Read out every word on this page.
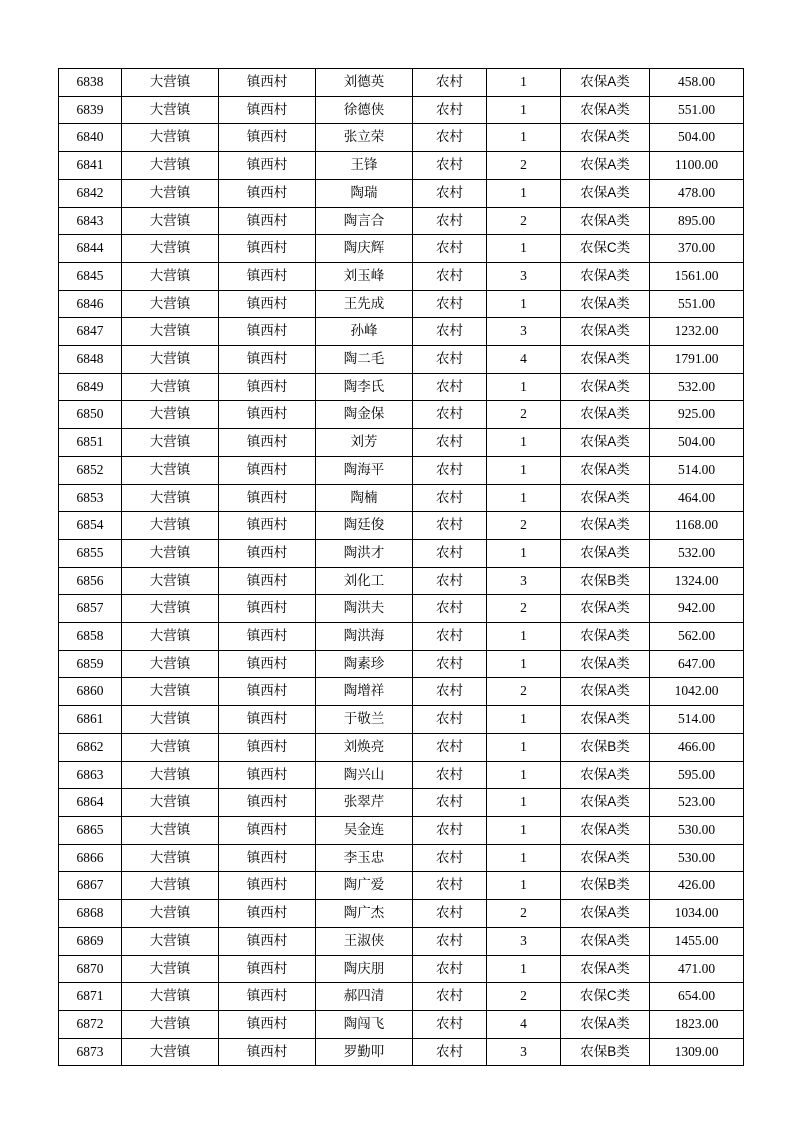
6838	大营镇	镇西村	刘德英	农村	1	农保A类	458.00
6839	大营镇	镇西村	徐德侠	农村	1	农保A类	551.00
6840	大营镇	镇西村	张立荣	农村	1	农保A类	504.00
6841	大营镇	镇西村	王锋	农村	2	农保A类	1100.00
6842	大营镇	镇西村	陶瑞	农村	1	农保A类	478.00
6843	大营镇	镇西村	陶言合	农村	2	农保A类	895.00
6844	大营镇	镇西村	陶庆辉	农村	1	农保C类	370.00
6845	大营镇	镇西村	刘玉峰	农村	3	农保A类	1561.00
6846	大营镇	镇西村	王先成	农村	1	农保A类	551.00
6847	大营镇	镇西村	孙峰	农村	3	农保A类	1232.00
6848	大营镇	镇西村	陶二毛	农村	4	农保A类	1791.00
6849	大营镇	镇西村	陶李氏	农村	1	农保A类	532.00
6850	大营镇	镇西村	陶金保	农村	2	农保A类	925.00
6851	大营镇	镇西村	刘芳	农村	1	农保A类	504.00
6852	大营镇	镇西村	陶海平	农村	1	农保A类	514.00
6853	大营镇	镇西村	陶楠	农村	1	农保A类	464.00
6854	大营镇	镇西村	陶廷俊	农村	2	农保A类	1168.00
6855	大营镇	镇西村	陶洪才	农村	1	农保A类	532.00
6856	大营镇	镇西村	刘化工	农村	3	农保B类	1324.00
6857	大营镇	镇西村	陶洪夫	农村	2	农保A类	942.00
6858	大营镇	镇西村	陶洪海	农村	1	农保A类	562.00
6859	大营镇	镇西村	陶素珍	农村	1	农保A类	647.00
6860	大营镇	镇西村	陶增祥	农村	2	农保A类	1042.00
6861	大营镇	镇西村	于敬兰	农村	1	农保A类	514.00
6862	大营镇	镇西村	刘焕亮	农村	1	农保B类	466.00
6863	大营镇	镇西村	陶兴山	农村	1	农保A类	595.00
6864	大营镇	镇西村	张翠芹	农村	1	农保A类	523.00
6865	大营镇	镇西村	吴金连	农村	1	农保A类	530.00
6866	大营镇	镇西村	李玉忠	农村	1	农保A类	530.00
6867	大营镇	镇西村	陶广爱	农村	1	农保B类	426.00
6868	大营镇	镇西村	陶广杰	农村	2	农保A类	1034.00
6869	大营镇	镇西村	王淑侠	农村	3	农保A类	1455.00
6870	大营镇	镇西村	陶庆朋	农村	1	农保A类	471.00
6871	大营镇	镇西村	郝四清	农村	2	农保C类	654.00
6872	大营镇	镇西村	陶闯飞	农村	4	农保A类	1823.00
6873	大营镇	镇西村	罗勤叩	农村	3	农保B类	1309.00
